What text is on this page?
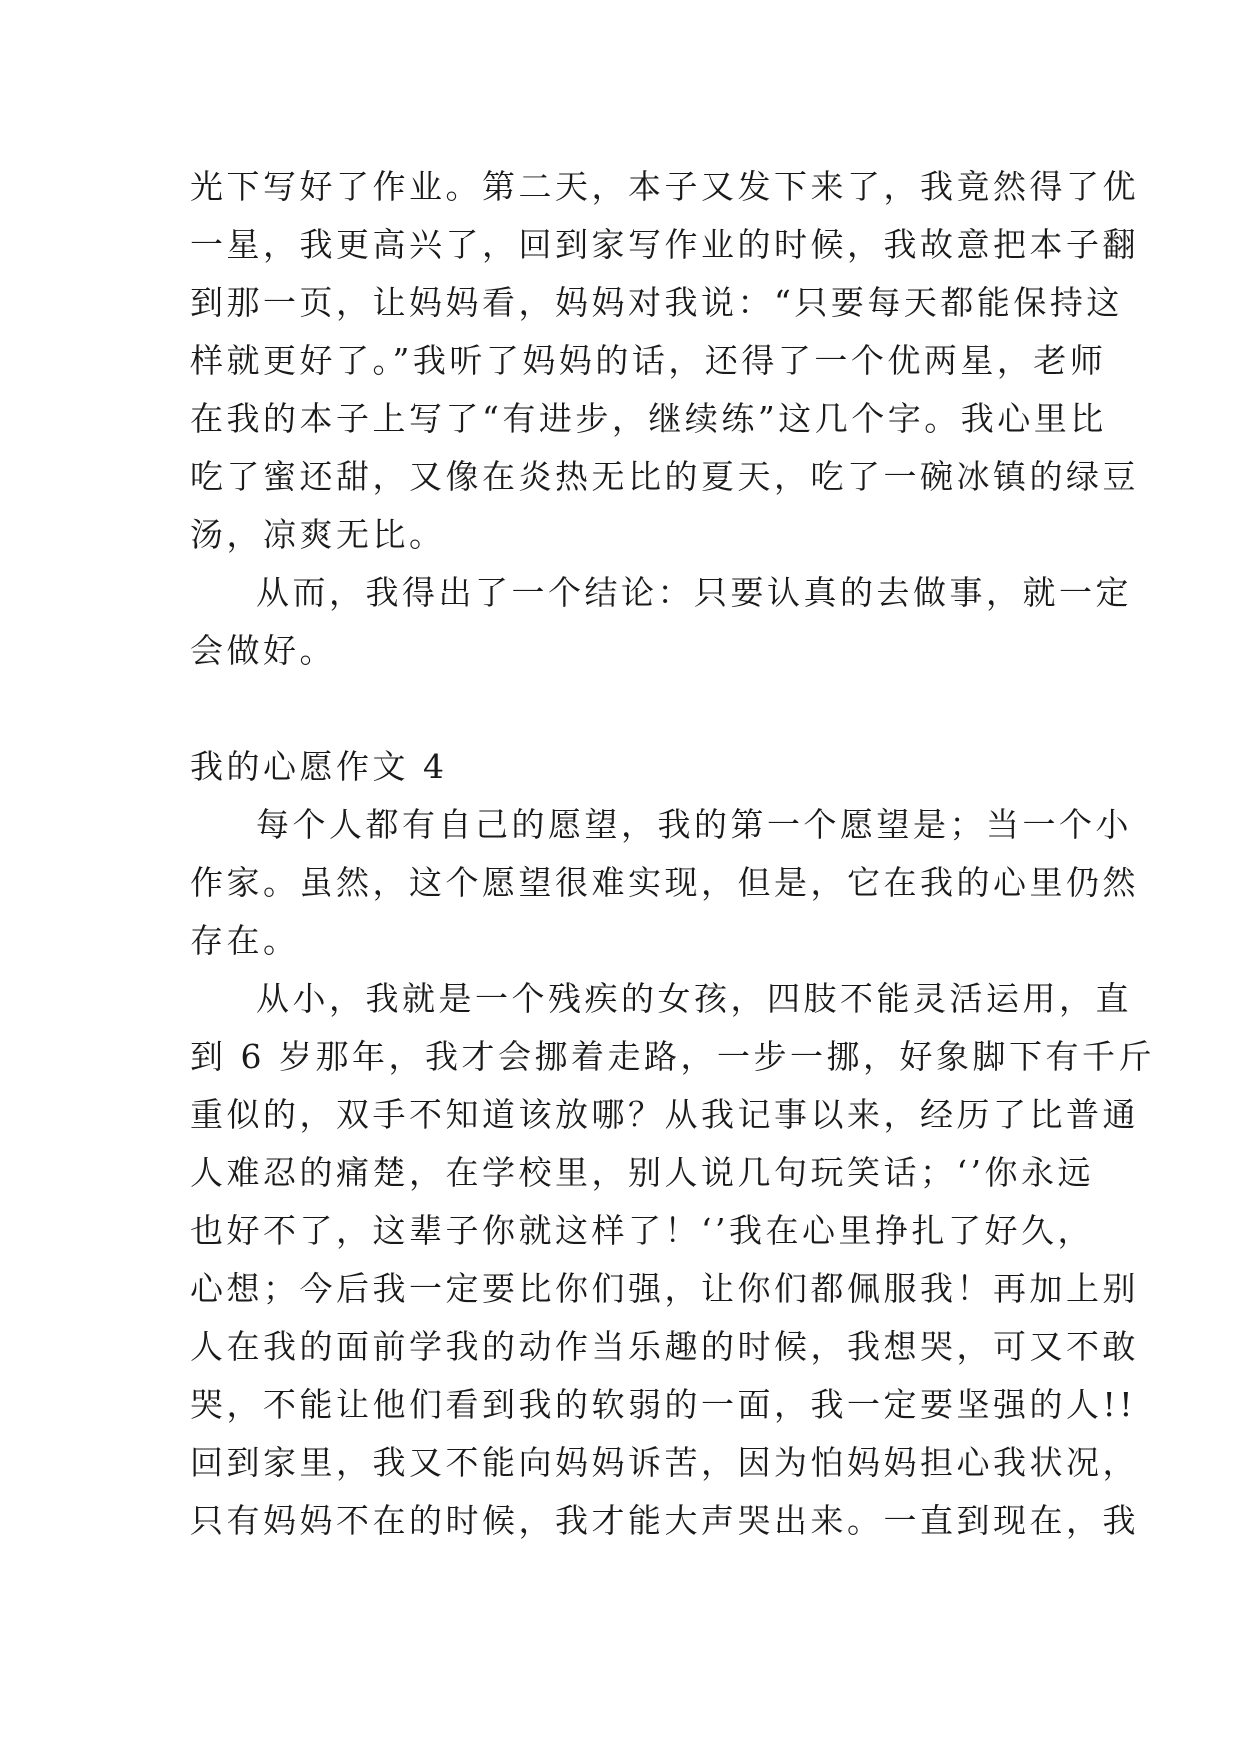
光下写好了作业。第二天，本子又发下来了，我竟然得了优
一星，我更高兴了，回到家写作业的时候，我故意把本子翻
到那一页，让妈妈看，妈妈对我说：“只要每天都能保持这
样就更好了。”我听了妈妈的话，还得了一个优两星，老师
在我的本子上写了“有进步，继续练”这几个字。我心里比
吃了蜜还甜，又像在炎热无比的夏天，吃了一碗冰镇的绿豆
汤，凉爽无比。
从而，我得出了一个结论：只要认真的去做事，就一定
会做好。
我的心愿作文 4
每个人都有自己的愿望，我的第一个愿望是；当一个小
作家。虽然，这个愿望很难实现，但是，它在我的心里仍然
存在。
从小，我就是一个残疾的女孩，四肢不能灵活运用，直
到 6 岁那年，我才会挪着走路，一步一挪，好象脚下有千斤
重似的，双手不知道该放哪？从我记事以来，经历了比普通
人难忍的痛楚，在学校里，别人说几句玩笑话；‘’你永远
也好不了，这辈子你就这样了！‘’我在心里挣扎了好久，
心想；今后我一定要比你们强，让你们都佩服我！再加上别
人在我的面前学我的动作当乐趣的时候，我想哭，可又不敢
哭，不能让他们看到我的软弱的一面，我一定要坚强的人!!
回到家里，我又不能向妈妈诉苦，因为怕妈妈担心我状况，
只有妈妈不在的时候，我才能大声哭出来。一直到现在，我
